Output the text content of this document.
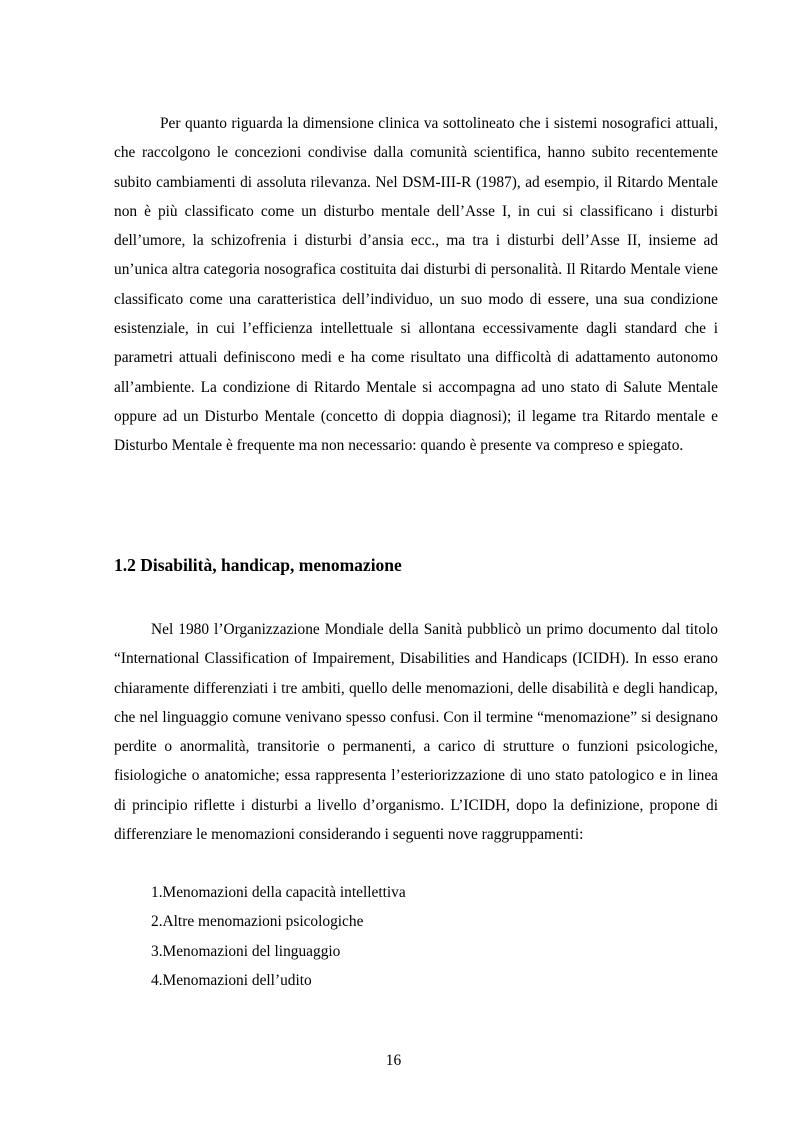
Per quanto riguarda la dimensione clinica va sottolineato che i sistemi nosografici attuali, che raccolgono le concezioni condivise dalla comunità scientifica, hanno subito recentemente subito cambiamenti di assoluta rilevanza. Nel DSM-III-R (1987), ad esempio, il Ritardo Mentale non è più classificato come un disturbo mentale dell’Asse I, in cui si classificano i disturbi dell’umore, la schizofrenia i disturbi d’ansia ecc., ma tra i disturbi dell’Asse II, insieme ad un’unica altra categoria nosografica costituita dai disturbi di personalità. Il Ritardo Mentale viene classificato come una caratteristica dell’individuo, un suo modo di essere, una sua condizione esistenziale, in cui l’efficienza intellettuale si allontana eccessivamente dagli standard che i parametri attuali definiscono medi e ha come risultato una difficoltà di adattamento autonomo all’ambiente. La condizione di Ritardo Mentale si accompagna ad uno stato di Salute Mentale oppure ad un Disturbo Mentale (concetto di doppia diagnosi); il legame tra Ritardo mentale e Disturbo Mentale è frequente ma non necessario: quando è presente va compreso e spiegato.

1.2 Disabilità, handicap, menomazione

Nel 1980 l’Organizzazione Mondiale della Sanità pubblicò un primo documento dal titolo “International Classification of Impairement, Disabilities and Handicaps (ICIDH). In esso erano chiaramente differenziati i tre ambiti, quello delle menomazioni, delle disabilità e degli handicap, che nel linguaggio comune venivano spesso confusi. Con il termine “menomazione” si designano perdite o anormalità, transitorie o permanenti, a carico di strutture o funzioni psicologiche, fisiologiche o anatomiche; essa rappresenta l’esteriorizzazione di uno stato patologico e in linea di principio riflette i disturbi a livello d’organismo. L’ICIDH, dopo la definizione, propone di differenziare le menomazioni considerando i seguenti nove raggruppamenti:

1.Menomazioni della capacità intellettiva
2.Altre menomazioni psicologiche
3.Menomazioni del linguaggio
4.Menomazioni dell’udito
16
